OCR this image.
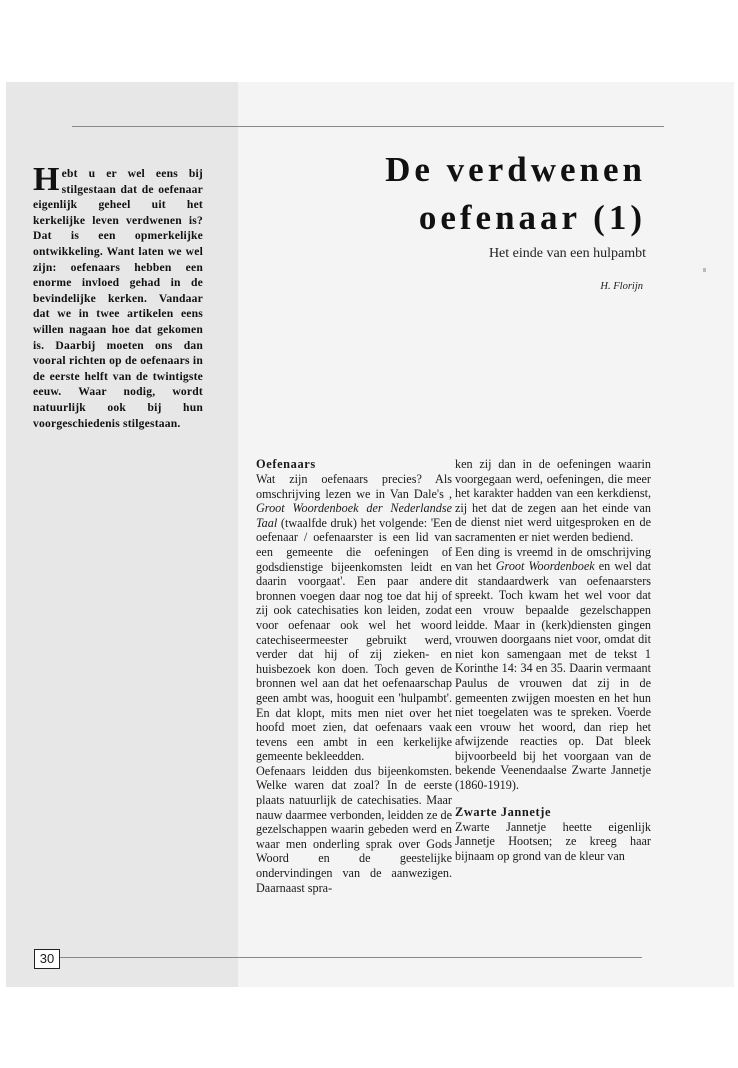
Hebt u er wel eens bij stilgestaan dat de oefenaar eigenlijk geheel uit het kerkelijke leven verdwenen is? Dat is een opmerkelijke ontwikkeling. Want laten we wel zijn: oefenaars hebben een enorme invloed gehad in de bevindelijke kerken. Vandaar dat we in twee artikelen eens willen nagaan hoe dat gekomen is. Daarbij moeten ons dan vooral richten op de oefenaars in de eerste helft van de twintigste eeuw. Waar nodig, wordt natuurlijk ook bij hun voorgeschiedenis stilgestaan.
De verdwenen
oefenaar (1)
Het einde van een hulpambt
H. Florijn
Oefenaars

Wat zijn oefenaars precies? Als omschrijving lezen we in Van Dale's , Groot Woordenboek der Nederlandse Taal (twaalfde druk) het volgende: 'Een oefenaar / oefenaarster is een lid van een gemeente die oefeningen of godsdienstige bijeenkomsten leidt en daarin voorgaat'. Een paar andere bronnen voegen daar nog toe dat hij of zij ook catechisaties kon leiden, zodat voor oefenaar ook wel het woord catechiseermeester gebruikt werd, verder dat hij of zij zieken- en huisbezoek kon doen. Toch geven de bronnen wel aan dat het oefenaarschap geen ambt was, hooguit een 'hulpambt'. En dat klopt, mits men niet over het hoofd moet zien, dat oefenaars vaak tevens een ambt in een kerkelijke gemeente bekleedden.

Oefenaars leidden dus bijeenkomsten. Welke waren dat zoal? In de eerste plaats natuurlijk de catechisaties. Maar nauw daarmee verbonden, leidden ze de gezelschappen waarin gebeden werd en waar men onderling sprak over Gods Woord en de geestelijke ondervindingen van de aanwezigen. Daarnaast spra-

ken zij dan in de oefeningen waarin voorgegaan werd, oefeningen, die meer het karakter hadden van een kerkdienst, zij het dat de zegen aan het einde van de dienst niet werd uitgesproken en de sacramenten er niet werden bediend.

Een ding is vreemd in de omschrijving van het Groot Woordenboek en wel dat dit standaardwerk van oefenaarsters spreekt. Toch kwam het wel voor dat een vrouw bepaalde gezelschappen leidde. Maar in (kerk)diensten gingen vrouwen doorgaans niet voor, omdat dit niet kon samengaan met de tekst 1 Korinthe 14: 34 en 35. Daarin vermaant Paulus de vrouwen dat zij in de gemeenten zwijgen moesten en het hun niet toegelaten was te spreken. Voerde een vrouw het woord, dan riep het afwijzende reacties op. Dat bleek bijvoorbeeld bij het voorgaan van de bekende Veenendaalse Zwarte Jannetje (1860-1919).

Zwarte Jannetje

Zwarte Jannetje heette eigenlijk Jannetje Hootsen; ze kreeg haar bijnaam op grond van de kleur van

30
